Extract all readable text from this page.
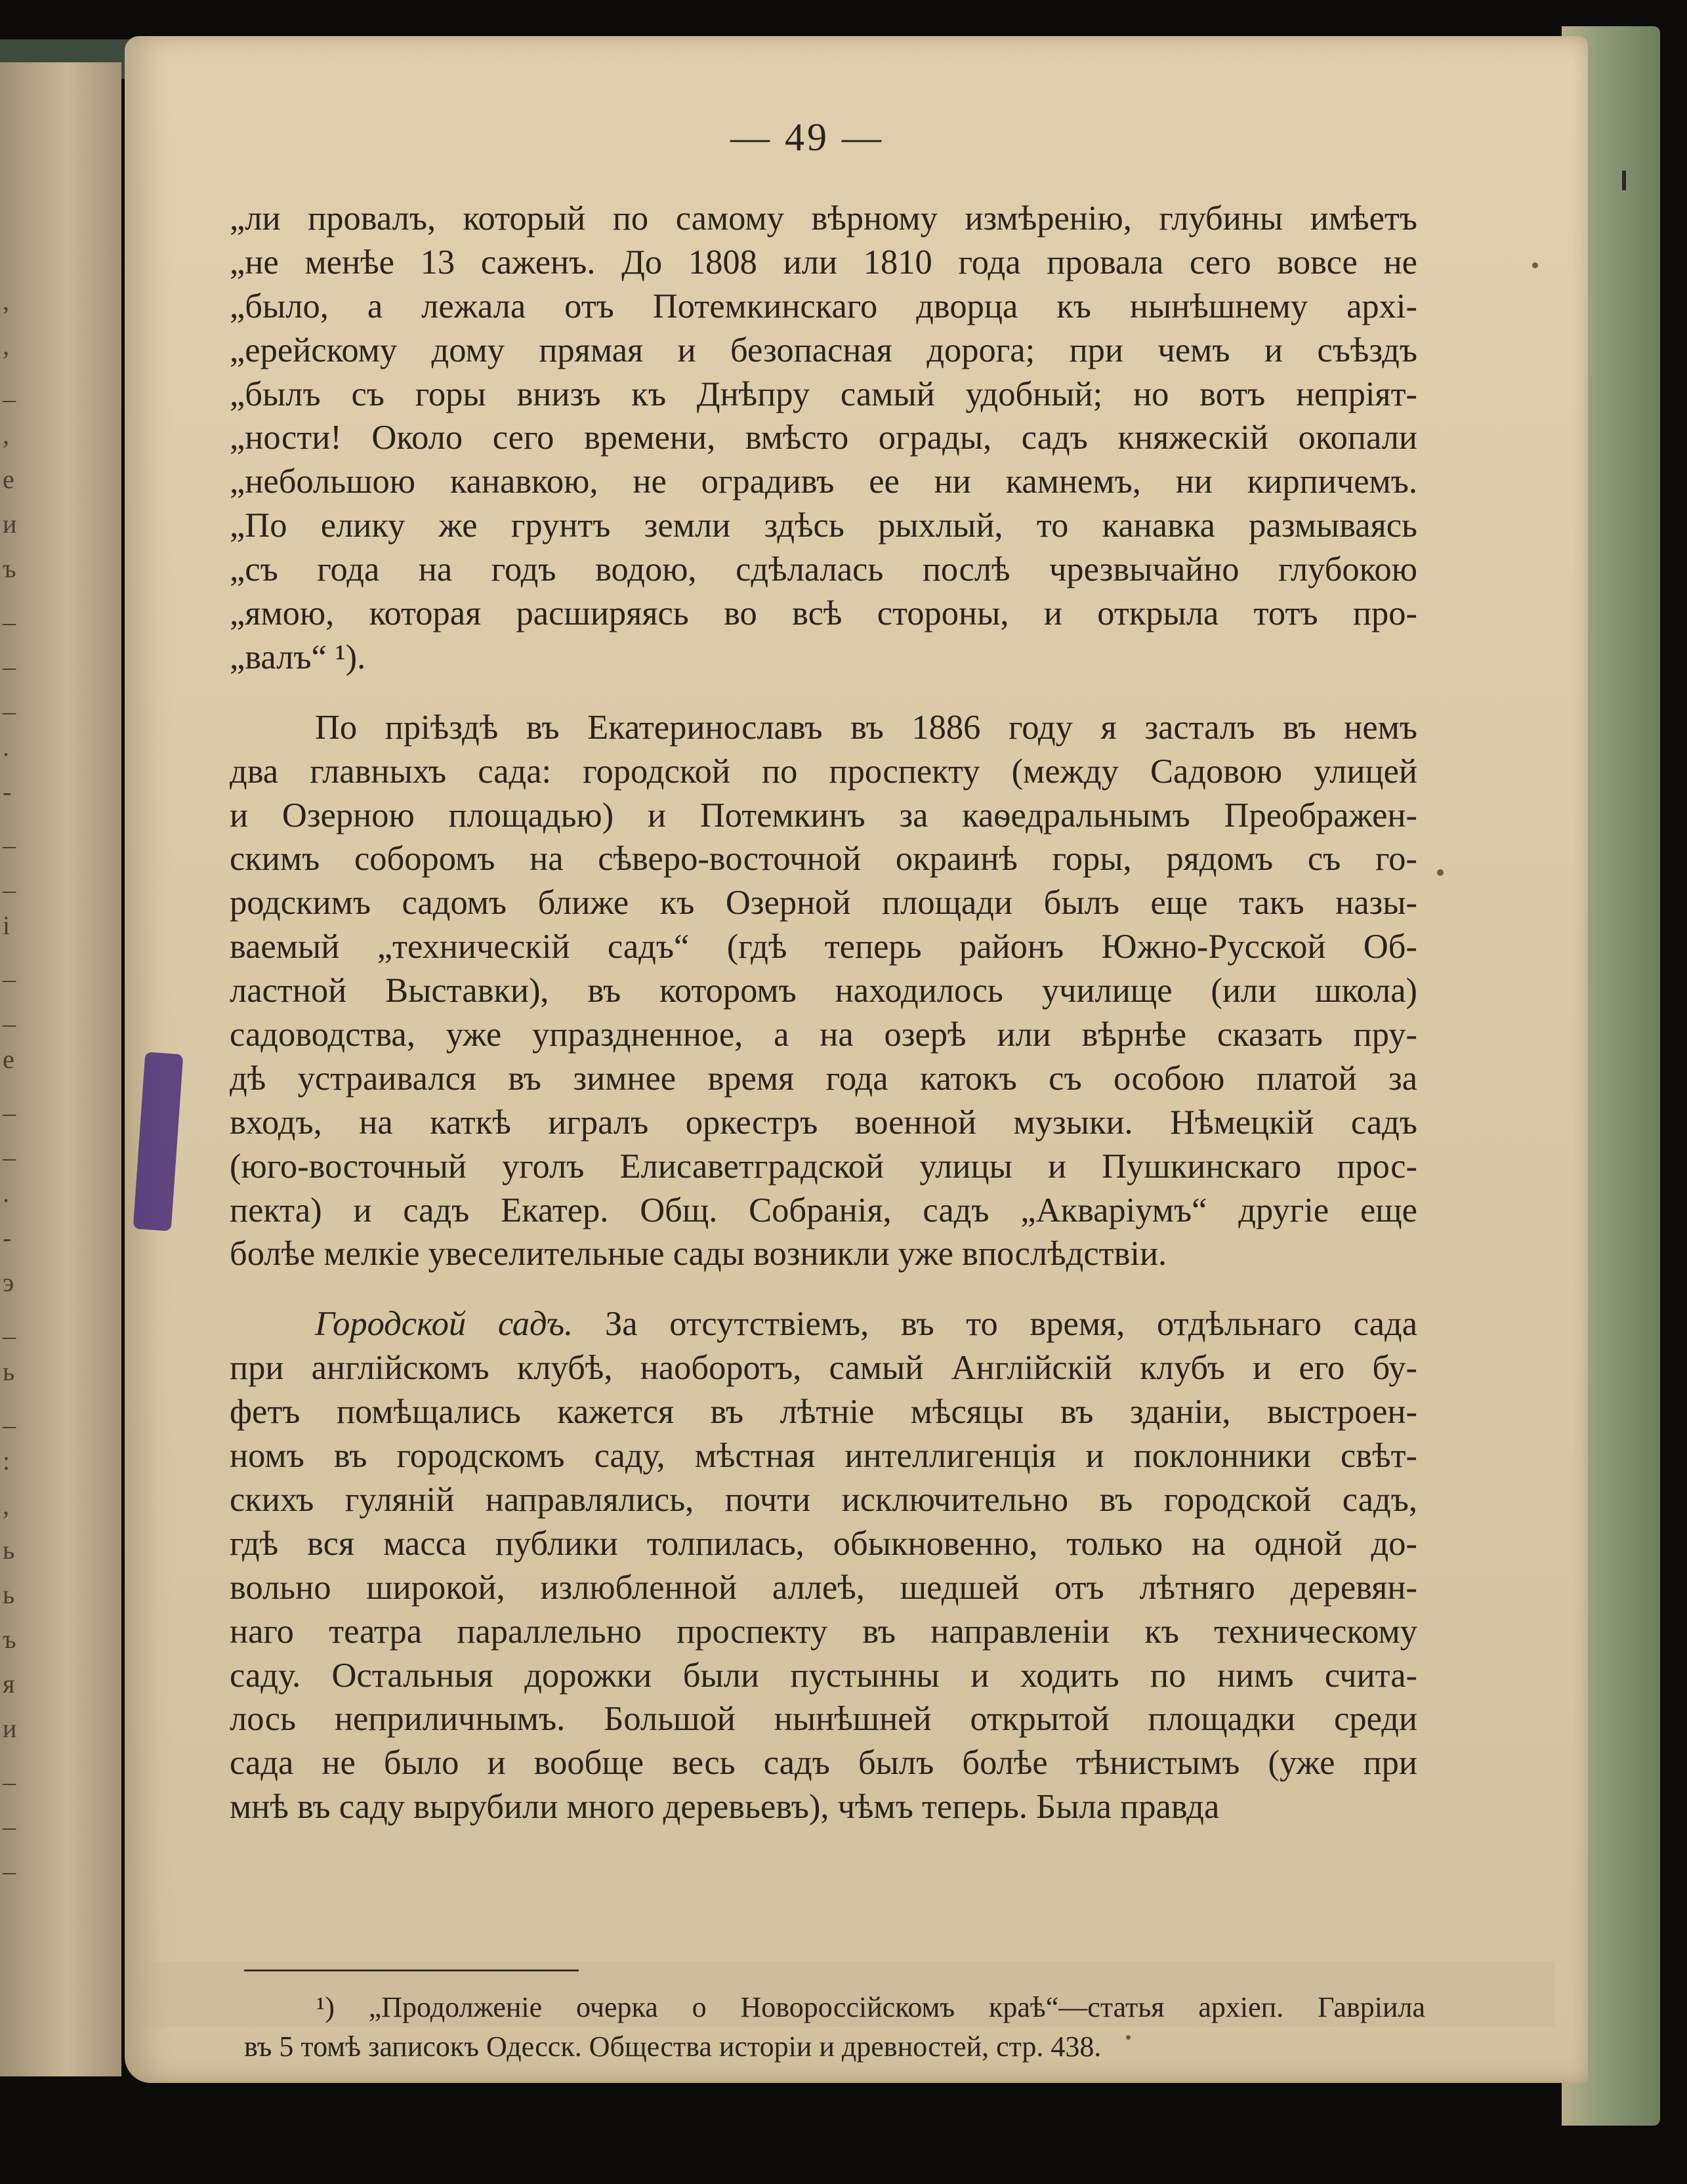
,
,
_
,
е
и
ъ
_
_
_
.
-
_
_
i
_
_
е
_
_
.
-
э
_
ь
_
:
,
ь
ь
ъ
я
и
_
_
_
— 49 —
„ли провалъ, который по самому вѣрному измѣренію, глубины имѣетъ
„не менѣе 13 саженъ. До 1808 или 1810 года провала сего вовсе не
„было, а лежала отъ Потемкинскаго дворца къ нынѣшнему архі-
„ерейскому дому прямая и безопасная дорога; при чемъ и съѣздъ
„былъ съ горы внизъ къ Днѣпру самый удобный; но вотъ непріят-
„ности! Около сего времени, вмѣсто ограды, садъ княжескій окопали
„небольшою канавкою, не оградивъ ее ни камнемъ, ни кирпичемъ.
„По елику же грунтъ земли здѣсь рыхлый, то канавка размываясь
„съ года на годъ водою, сдѣлалась послѣ чрезвычайно глубокою
„ямою, которая расширяясь во всѣ стороны, и открыла тотъ про-
„валъ“ ¹).
По пріѣздѣ въ Екатеринославъ въ 1886 году я засталъ въ немъ
два главныхъ сада: городской по проспекту (между Садовою улицей
и Озерною площадью) и Потемкинъ за каѳедральнымъ Преображен-
скимъ соборомъ на сѣверо-восточной окраинѣ горы, рядомъ съ го-
родскимъ садомъ ближе къ Озерной площади былъ еще такъ назы-
ваемый „техническій садъ“ (гдѣ теперь районъ Южно-Русской Об-
ластной Выставки), въ которомъ находилось училище (или школа)
садоводства, уже упраздненное, а на озерѣ или вѣрнѣе сказать пру-
дѣ устраивался въ зимнее время года катокъ съ особою платой за
входъ, на каткѣ игралъ оркестръ военной музыки. Нѣмецкій садъ
(юго-восточный уголъ Елисаветградской улицы и Пушкинскаго прос-
пекта) и садъ Екатер. Общ. Собранія, садъ „Акваріумъ“ другіе еще
болѣе мелкіе увеселительные сады возникли уже впослѣдствіи.
Городской садъ. За отсутствіемъ, въ то время, отдѣльнаго сада
при англійскомъ клубѣ, наоборотъ, самый Англійскій клубъ и его бу-
фетъ помѣщались кажется въ лѣтніе мѣсяцы въ зданіи, выстроен-
номъ въ городскомъ саду, мѣстная интеллигенція и поклонники свѣт-
скихъ гуляній направлялись, почти исключительно въ городской садъ,
гдѣ вся масса публики толпилась, обыкновенно, только на одной до-
вольно широкой, излюбленной аллеѣ, шедшей отъ лѣтняго деревян-
наго театра параллельно проспекту въ направленіи къ техническому
саду. Остальныя дорожки были пустынны и ходить по нимъ счита-
лось неприличнымъ. Большой нынѣшней открытой площадки среди
сада не было и вообще весь садъ былъ болѣе тѣнистымъ (уже при
мнѣ въ саду вырубили много деревьевъ), чѣмъ теперь. Была правда
¹) „Продолженіе очерка о Новороссійскомъ краѣ“—статья архіеп. Гавріила
въ 5 томѣ записокъ Одесск. Общества исторіи и древностей, стр. 438.
